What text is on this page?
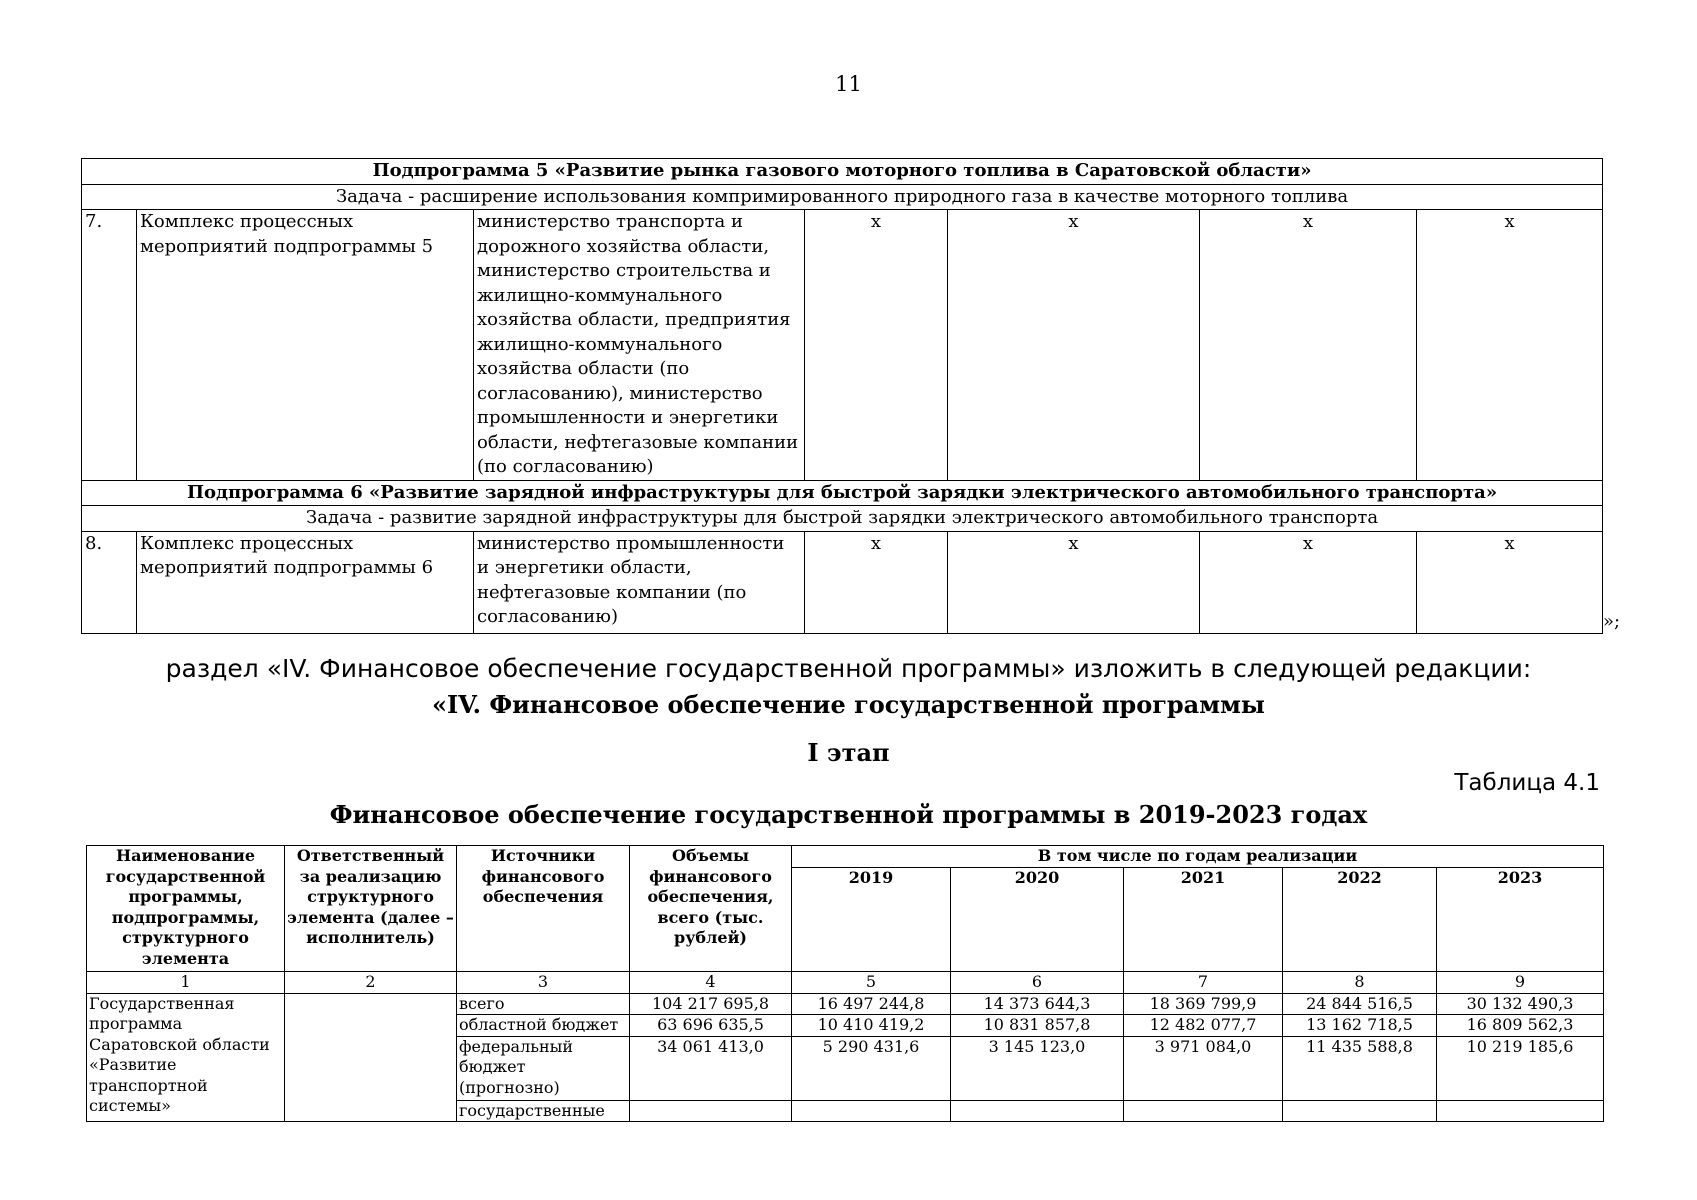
11
Подпрограмма 5 «Развитие рынка газового моторного топлива в Саратовской области»						
Задача - расширение использования компримированного природного газа в качестве моторного топлива						
7.	Комплекс процессных мероприятий подпрограммы 5	министерство транспорта и дорожного хозяйства области, министерство строительства и жилищно-коммунального хозяйства области, предприятия жилищно-коммунального хозяйства области (по согласованию), министерство промышленности и энергетики области, нефтегазовые компании (по согласованию)	х	х	х	х
Подпрограмма 6 «Развитие зарядной инфраструктуры для быстрой зарядки электрического автомобильного транспорта»						
Задача - развитие зарядной инфраструктуры для быстрой зарядки электрического автомобильного транспорта						
8.	Комплекс процессных мероприятий подпрограммы 6	министерство промышленности и энергетики области, нефтегазовые компании (по согласованию)	х	х	х	х
»;
раздел «IV. Финансовое обеспечение государственной программы» изложить в следующей редакции:
«IV. Финансовое обеспечение государственной программы
I этап
Таблица 4.1
Финансовое обеспечение государственной программы в 2019-2023 годах
Наименование государственной программы, подпрограммы, структурного элемента	Ответственный за реализацию структурного элемента (далее – исполнитель)	Источники финансового обеспечения	Объемы финансового обеспечения, всего (тыс. рублей)	В том числе по годам реализации				
				2019	2020	2021	2022	2023
1	2	3	4	5	6	7	8	9
Государственная программа Саратовской области «Развитие транспортной системы»		всего	104 217 695,8	16 497 244,8	14 373 644,3	18 369 799,9	24 844 516,5	30 132 490,3
		областной бюджет	63 696 635,5	10 410 419,2	10 831 857,8	12 482 077,7	13 162 718,5	16 809 562,3
		федеральный бюджет (прогнозно)	34 061 413,0	5 290 431,6	3 145 123,0	3 971 084,0	11 435 588,8	10 219 185,6
		государственные						
